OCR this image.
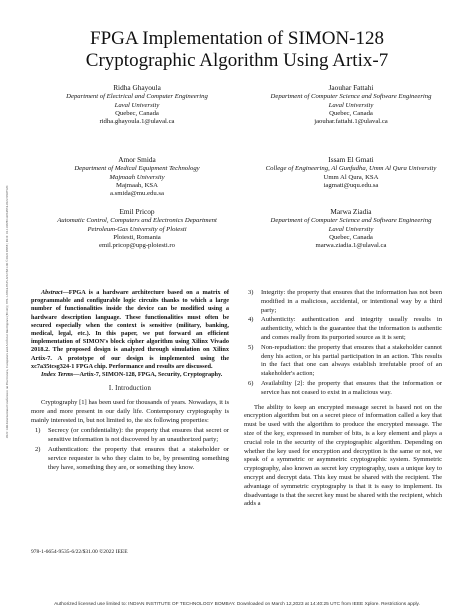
2022 14th International Conference on Electronics, Computers and Artificial Intelligence (ECAI) | 978-1-6654-9535-6/22/$31.00 ©2022 IEEE | DOI: 10.1109/ECAI54874.2022.9847520
FPGA Implementation of SIMON-128
Cryptographic Algorithm Using Artix-7
Ridha Ghayoula
Department of Electrical and Computer Engineering
Laval University
Quebec, Canada
ridha.ghayoula.1@ulaval.ca
Jaouhar Fattahi
Department of Computer Science and Software Engineering
Laval University
Quebec, Canada
jaouhar.fattahi.1@ulaval.ca
Amor Smida
Department of Medical Equipment Technology
Majmaah University
Majmaah, KSA
a.smida@mu.edu.sa
Issam El Gmati
College of Engineering, Al Gunfudha, Umm Al Qura University
Umm Al Qura, KSA
iagmati@uqu.edu.sa
Emil Pricop
Automatic Control, Computers and Electronics Department
Petroleum-Gas University of Ploiesti
Ploiesti, Romania
emil.pricop@upg-ploiesti.ro
Marwa Ziadia
Department of Computer Science and Software Engineering
Laval University
Quebec, Canada
marwa.ziadia.1@ulaval.ca

Abstract—FPGA is a hardware architecture based on a matrix of programmable and configurable logic circuits thanks to which a large number of functionalities inside the device can be modified using a hardware description language. These functionalities must often be secured especially when the context is sensitive (military, banking, medical, legal, etc.). In this paper, we put forward an efficient implementation of SIMON's block cipher algorithm using Xilinx Vivado 2018.2. The proposed design is analyzed through simulation on Xilinx Artix-7. A prototype of our design is implemented using the xc7a35tcsg324-1 FPGA chip. Performance and results are discussed.

Index Terms—Artix-7, SIMON-128, FPGA, Security, Cryptography.

I. Introduction

Cryptography [1] has been used for thousands of years. Nowadays, it is more and more present in our daily life. Contemporary cryptography is mainly interested in, but not limited to, the six following properties:

1) Secrecy (or confidentiality): the property that ensures that secret or sensitive information is not discovered by an unauthorized party;
2) Authentication: the property that ensures that a stakeholder or service requester is who they claim to be, by presenting something they have, something they are, or something they know.
3) Integrity: the property that ensures that the information has not been modified in a malicious, accidental, or intentional way by a third party;
4) Authenticity: authentication and integrity usually results in authenticity, which is the guarantee that the information is authentic and comes really from its purported source as it is sent;
5) Non-repudiation: the property that ensures that a stakeholder cannot deny his action, or his partial participation in an action. This results in the fact that one can always establish irrefutable proof of an stakeholder's action;
6) Availability [2]: the property that ensures that the information or service has not ceased to exist in a malicious way.

The ability to keep an encrypted message secret is based not on the encryption algorithm but on a secret piece of information called a key that must be used with the algorithm to produce the encrypted message. The size of the key, expressed in number of bits, is a key element and plays a crucial role in the security of the cryptographic algorithm. Depending on whether the key used for encryption and decryption is the same or not, we speak of a symmetric or asymmetric cryptographic system. Symmetric cryptography, also known as secret key cryptography, uses a unique key to encrypt and decrypt data. This key must be shared with the recipient. The advantage of symmetric cryptography is that it is easy to implement. Its disadvantage is that the secret key must be shared with the recipient, which adds a

978-1-6654-9535-6/22/$31.00 ©2022 IEEE
Authorized licensed use limited to: INDIAN INSTITUTE OF TECHNOLOGY BOMBAY. Downloaded on March 12,2023 at 14:40:25 UTC from IEEE Xplore. Restrictions apply.
